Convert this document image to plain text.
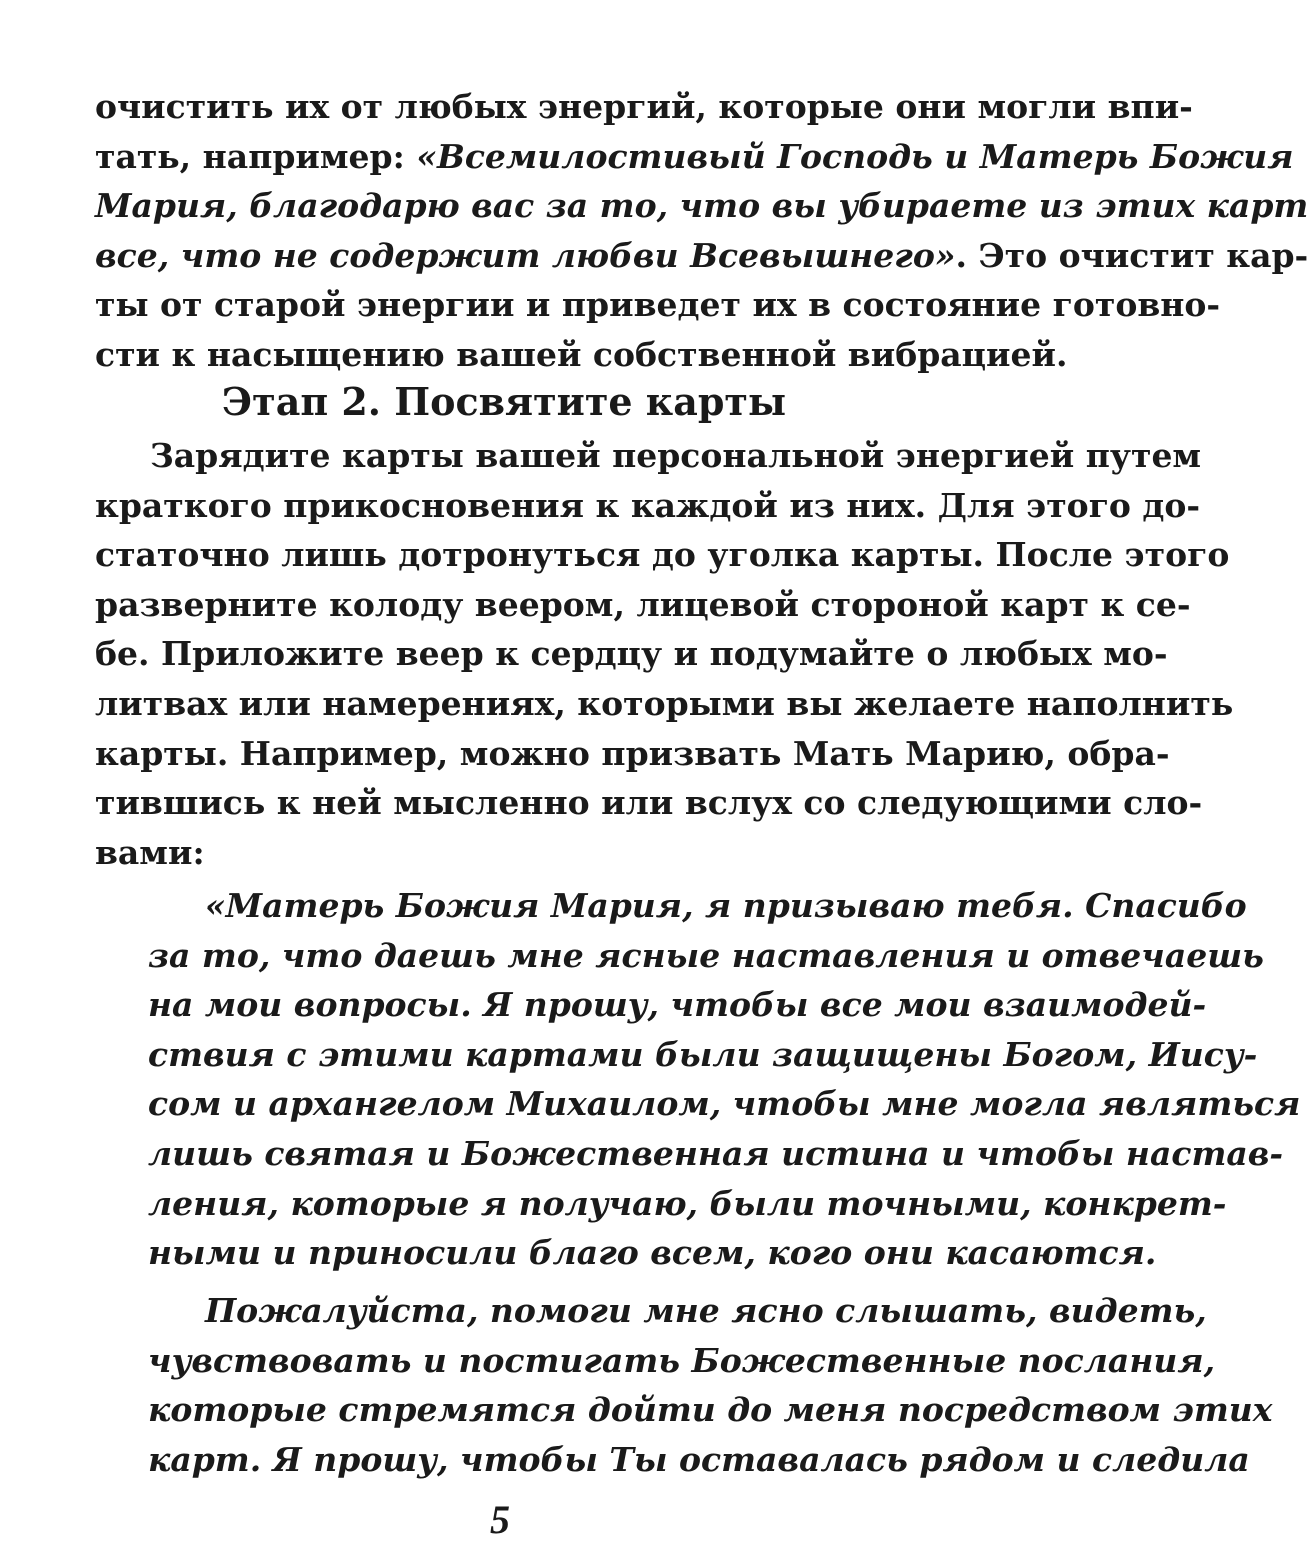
очистить их от любых энергий, которые они могли впи-
тать, например: «Всемилостивый Господь и Матерь Божия
Мария, благодарю вас за то, что вы убираете из этих карт
все, что не содержит любви Всевышнего». Это очистит кар-
ты от старой энергии и приведет их в состояние готовно-
сти к насыщению вашей собственной вибрацией.
Этап 2. Посвятите карты
Зарядите карты вашей персональной энергией путем
краткого прикосновения к каждой из них. Для этого до-
статочно лишь дотронуться до уголка карты. После этого
разверните колоду веером, лицевой стороной карт к се-
бе. Приложите веер к сердцу и подумайте о любых мо-
литвах или намерениях, которыми вы желаете наполнить
карты. Например, можно призвать Мать Марию, обра-
тившись к ней мысленно или вслух со следующими сло-
вами:
«Матерь Божия Мария, я призываю тебя. Спасибо
за то, что даешь мне ясные наставления и отвечаешь
на мои вопросы. Я прошу, чтобы все мои взаимодей-
ствия с этими картами были защищены Богом, Иису-
сом и архангелом Михаилом, чтобы мне могла являться
лишь святая и Божественная истина и чтобы настав-
ления, которые я получаю, были точными, конкрет-
ными и приносили благо всем, кого они касаются.
Пожалуйста, помоги мне ясно слышать, видеть,
чувствовать и постигать Божественные послания,
которые стремятся дойти до меня посредством этих
карт. Я прошу, чтобы Ты оставалась рядом и следила
5
